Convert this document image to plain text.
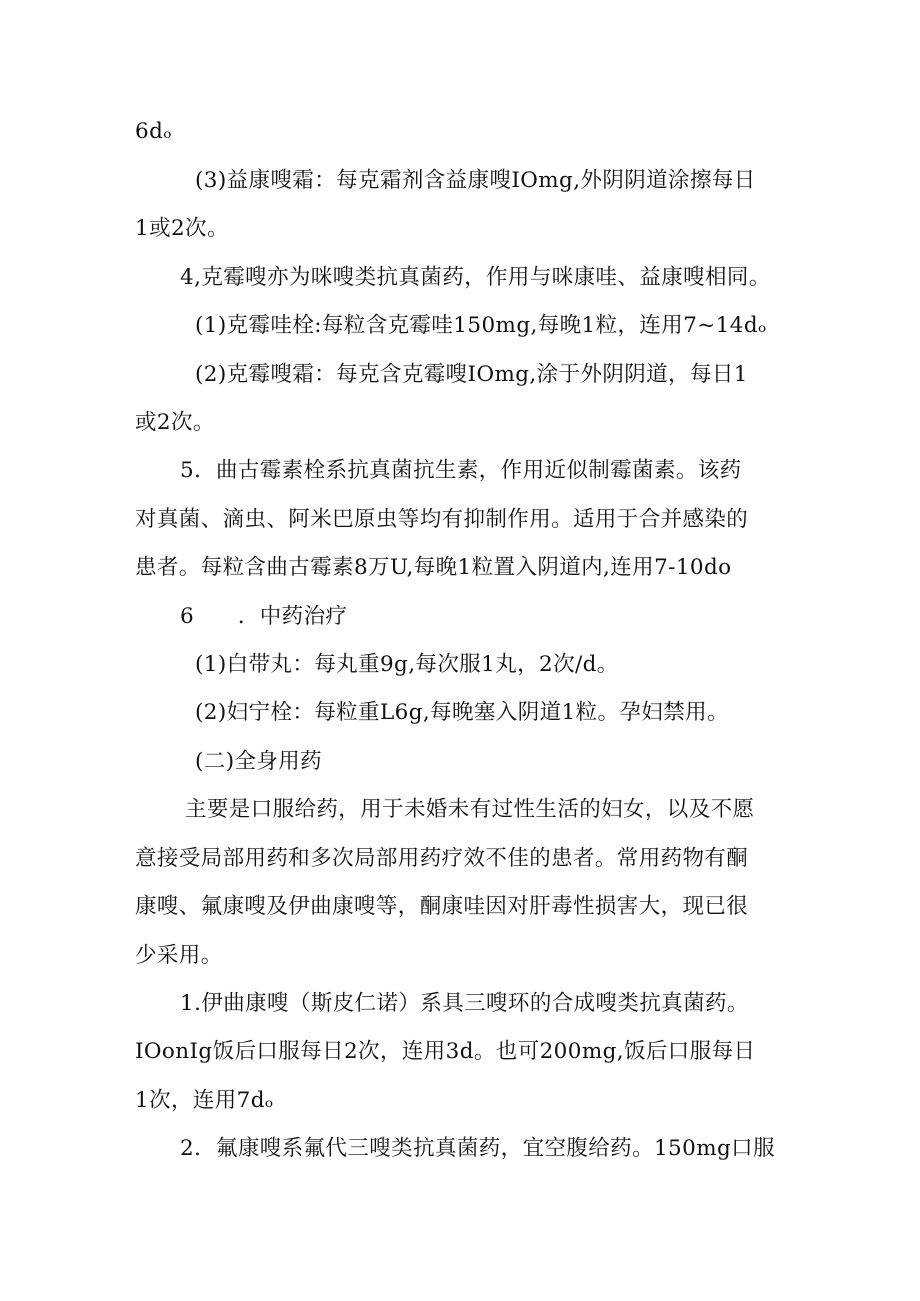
6dₒ
(3)益康嗖霜：每克霜剂含益康嗖IOmg,外阴阴道涂擦每日
1或2次。
4,克霉嗖亦为咪嗖类抗真菌药，作用与咪康哇、益康嗖相同。
(1)克霉哇栓:每粒含克霉哇150mg,每晚1粒，连用7~14dₒ
(2)克霉嗖霜：每克含克霉嗖IOmg,涂于外阴阴道，每日1
或2次。
5．曲古霉素栓系抗真菌抗生素，作用近似制霉菌素。该药
对真菌、滴虫、阿米巴原虫等均有抑制作用。适用于合并感染的
患者。每粒含曲古霉素8万U,每晚1粒置入阴道内,连用7-10do
6　　．中药治疗
(1)白带丸：每丸重9g,每次服1丸，2次/d。
(2)妇宁栓：每粒重L6g,每晚塞入阴道1粒。孕妇禁用。
(二)全身用药
主要是口服给药，用于未婚未有过性生活的妇女，以及不愿
意接受局部用药和多次局部用药疗效不佳的患者。常用药物有酮
康嗖、氟康嗖及伊曲康嗖等，酮康哇因对肝毒性损害大，现已很
少采用。
1.伊曲康嗖（斯皮仁诺）系具三嗖环的合成嗖类抗真菌药。
IOonIg饭后口服每日2次，连用3d。也可200mg,饭后口服每日
1次，连用7dₒ
2．氟康嗖系氟代三嗖类抗真菌药，宜空腹给药。150mg口服
